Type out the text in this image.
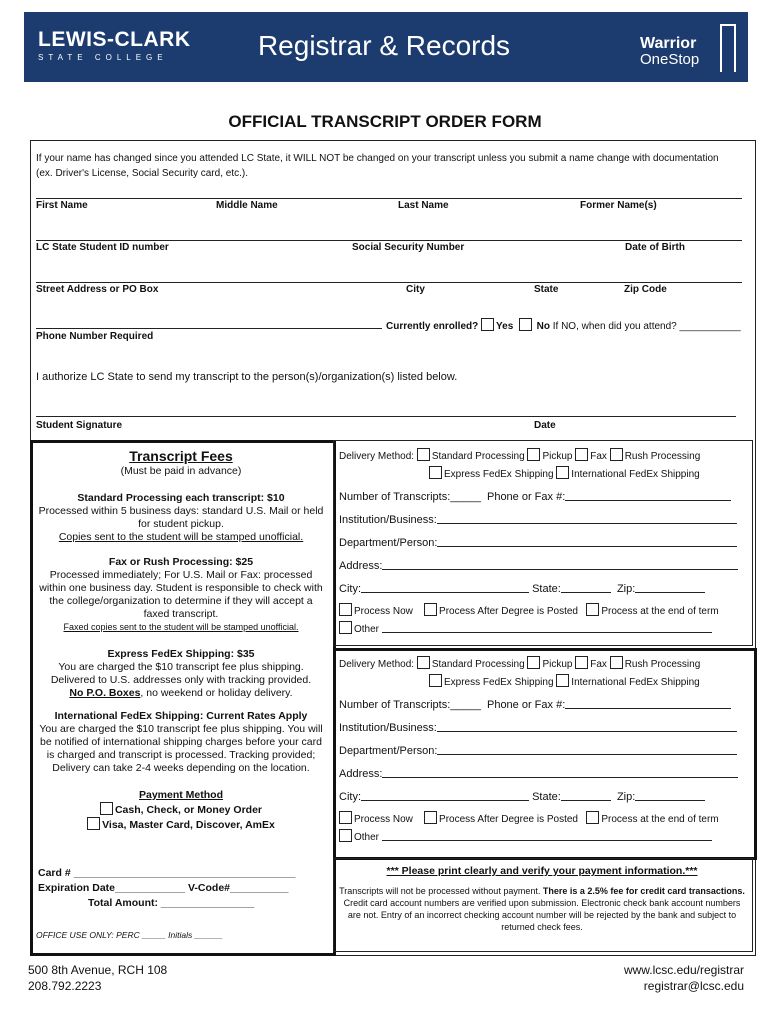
LEWIS-CLARK
STATE COLLEGE	Registrar & Records	Warrior
OneStop
OFFICIAL TRANSCRIPT ORDER FORM
If your name has changed since you attended LC State, it WILL NOT be changed on your transcript unless you submit a name change with documentation (ex. Driver's License, Social Security card, etc.).
First Name	Middle Name	Last Name	Former Name(s)
LC State Student ID number	Social Security Number	Date of Birth
Street Address or PO Box	City	State	Zip Code
Currently enrolled? Yes No If NO, when did you attend? ___________
Phone Number Required
I authorize LC State to send my transcript to the person(s)/organization(s) listed below.
Student Signature	Date
Transcript Fees
(Must be paid in advance)
Standard Processing each transcript: $10
Processed within 5 business days: standard U.S. Mail or held for student pickup.
Copies sent to the student will be stamped unofficial.
Fax or Rush Processing: $25
Processed immediately; For U.S. Mail or Fax: processed within one business day. Student is responsible to check with the college/organization to determine if they will accept a faxed transcript.
Faxed copies sent to the student will be stamped unofficial.
Express FedEx Shipping: $35
You are charged the $10 transcript fee plus shipping. Delivered to U.S. addresses only with tracking provided.
No P.O. Boxes, no weekend or holiday delivery.
International FedEx Shipping: Current Rates Apply
You are charged the $10 transcript fee plus shipping. You will be notified of international shipping charges before your card is charged and transcript is processed. Tracking provided; Delivery can take 2-4 weeks depending on the location.
Payment Method
Cash, Check, or Money Order
Visa, Master Card, Discover, AmEx
Card # ______________________________________
Expiration Date____________ V-Code#__________
Total Amount: ________________
OFFICE USE ONLY: PERC _____ Initials ______
Delivery Method: Standard Processing Pickup Fax Rush Processing
Express FedEx Shipping International FedEx Shipping
Number of Transcripts:_____ Phone or Fax #:
Institution/Business:
Department/Person:
Address:
City:	State:	Zip:
Process Now	Process After Degree is Posted Process at the end of term
Other
Delivery Method: Standard Processing Pickup Fax Rush Processing
Express FedEx Shipping International FedEx Shipping
Number of Transcripts:_____ Phone or Fax #:
Institution/Business:
Department/Person:
Address:
City:	State:	Zip:
Process Now	Process After Degree is Posted Process at the end of term
Other
*** Please print clearly and verify your payment information.***
Transcripts will not be processed without payment. There is a 2.5% fee for credit card transactions. Credit card account numbers are verified upon submission. Electronic check bank account numbers are not. Entry of an incorrect checking account number will be rejected by the bank and subject to returned check fees.
500 8th Avenue, RCH 108
208.792.2223
www.lcsc.edu/registrar
registrar@lcsc.edu
